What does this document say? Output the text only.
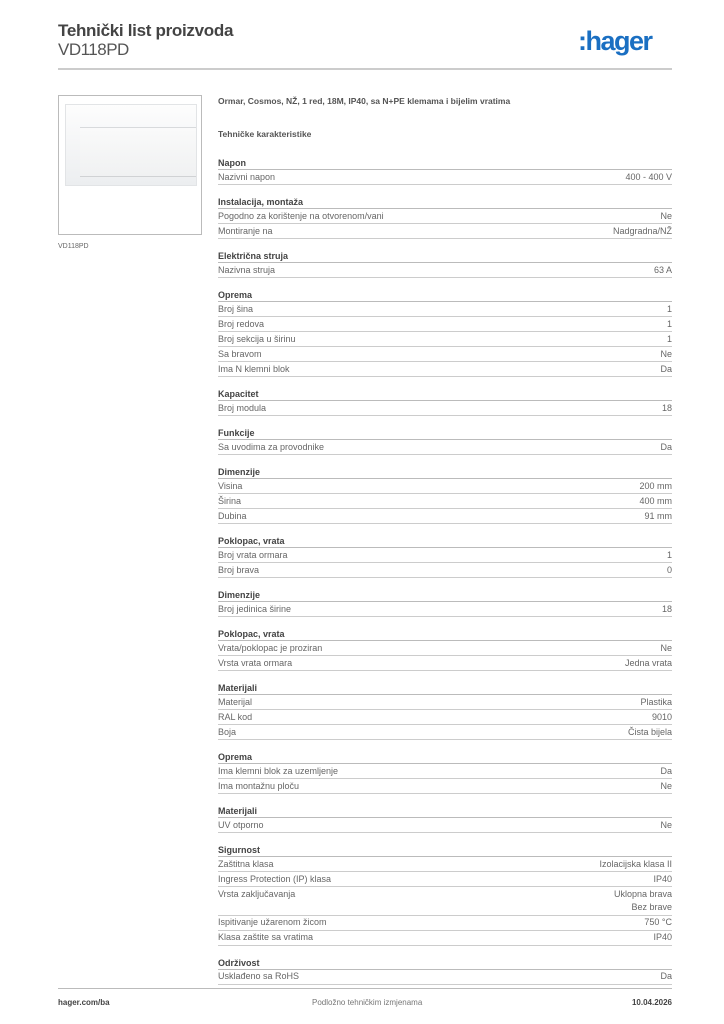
Tehnički list proizvoda
VD118PD	:hager
VD118PD
Ormar, Cosmos, NŽ, 1 red, 18M, IP40, sa N+PE klemama i bijelim vratima
Tehničke karakteristike
Napon
Nazivni napon	400 - 400 V
Instalacija, montaža
Pogodno za korištenje na otvorenom/vani	Ne
Montiranje na	Nadgradna/NŽ
Električna struja
Nazivna struja	63 A
Oprema
Broj šina	1
Broj redova	1
Broj sekcija u širinu	1
Sa bravom	Ne
Ima N klemni blok	Da
Kapacitet
Broj modula	18
Funkcije
Sa uvodima za provodnike	Da
Dimenzije
Visina	200 mm
Širina	400 mm
Dubina	91 mm
Poklopac, vrata
Broj vrata ormara	1
Broj brava	0
Dimenzije
Broj jedinica širine	18
Poklopac, vrata
Vrata/poklopac je proziran	Ne
Vrsta vrata ormara	Jedna vrata
Materijali
Materijal	Plastika
RAL kod	9010
Boja	Čista bijela
Oprema
Ima klemni blok za uzemljenje	Da
Ima montažnu ploču	Ne
Materijali
UV otporno	Ne
Sigurnost
Zaštitna klasa	Izolacijska klasa II
Ingress Protection (IP) klasa	IP40
Vrsta zaključavanja	Uklopna brava
Bez brave
Ispitivanje užarenom žicom	750 °C
Klasa zaštite sa vratima	IP40
Održivost
Usklađeno sa RoHS	Da
hager.com/ba	Podložno tehničkim izmjenama	10.04.2026
